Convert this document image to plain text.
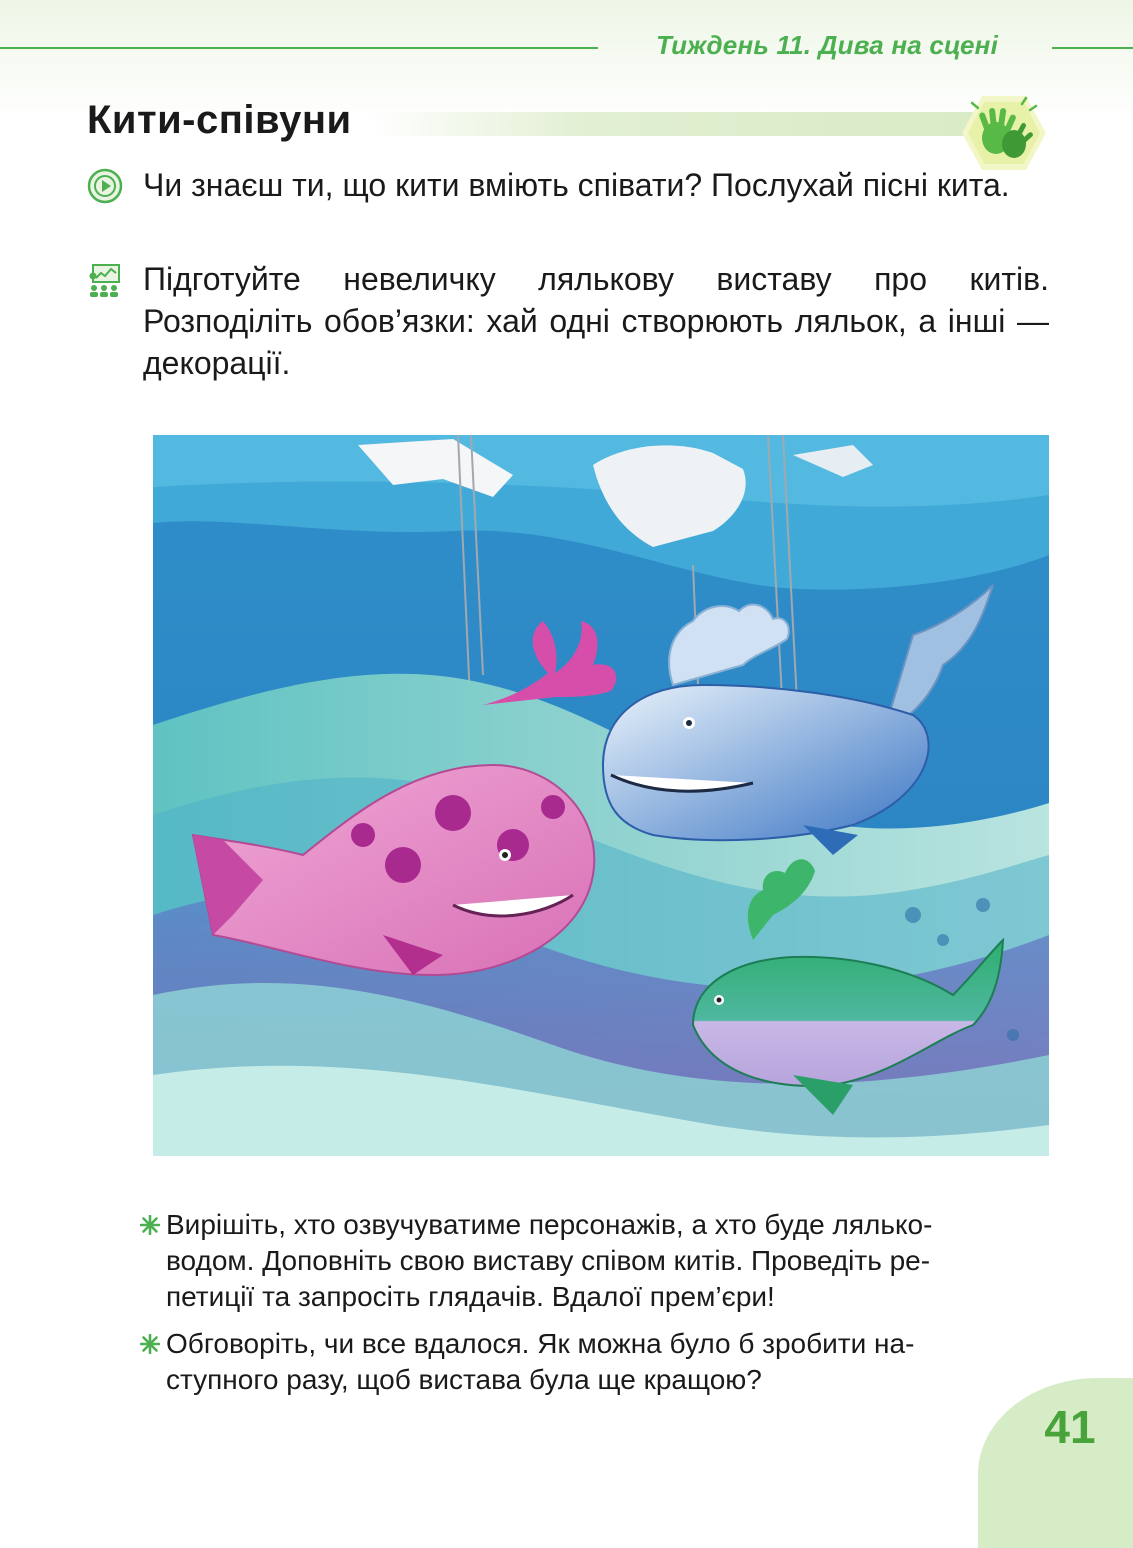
Тиждень 11. Дива на сцені
Кити-співуни
Чи знаєш ти, що кити вміють співати? Послухай пісні кита.
Підготуйте невеличку лялькову виставу про китів. Розподіліть обов’язки: хай одні створюють ляльок, а інші — декорації.
Вирішіть, хто озвучуватиме персонажів, а хто буде лялько-
водом. Доповніть свою виставу співом китів. Проведіть ре-
петиції та запросіть глядачів. Вдалої прем’єри!
Обговоріть, чи все вдалося. Як можна було б зробити на-
ступного разу, щоб вистава була ще кращою?
41
